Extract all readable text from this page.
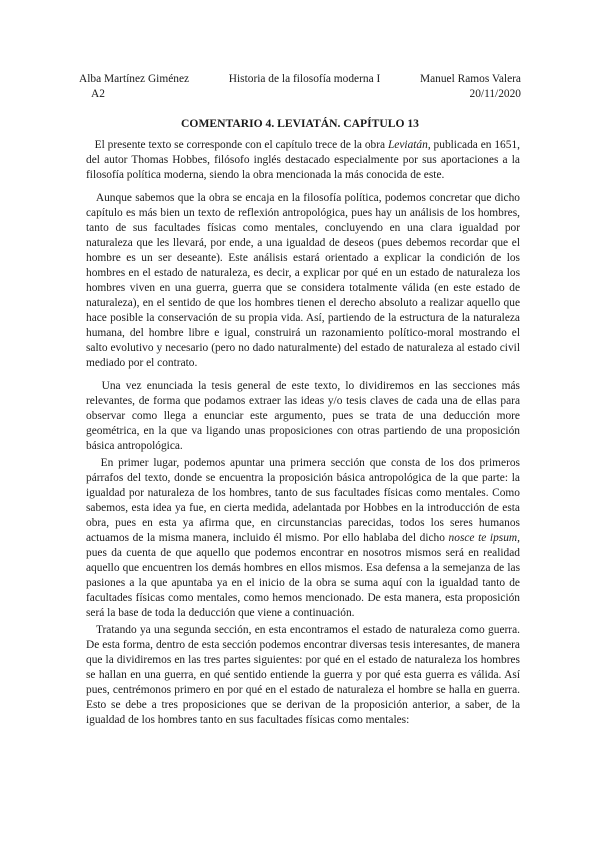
Alba Martínez Giménez	Historia de la filosofía moderna I	Manuel Ramos Valera
A2	20/11/2020
COMENTARIO 4. LEVIATÁN. CAPÍTULO 13

El presente texto se corresponde con el capítulo trece de la obra Leviatán, publicada en 1651, del autor Thomas Hobbes, filósofo inglés destacado especialmente por sus aportaciones a la filosofía política moderna, siendo la obra mencionada la más conocida de este.

Aunque sabemos que la obra se encaja en la filosofía política, podemos concretar que dicho capítulo es más bien un texto de reflexión antropológica, pues hay un análisis de los hombres, tanto de sus facultades físicas como mentales, concluyendo en una clara igualdad por naturaleza que les llevará, por ende, a una igualdad de deseos (pues debemos recordar que el hombre es un ser deseante). Este análisis estará orientado a explicar la condición de los hombres en el estado de naturaleza, es decir, a explicar por qué en un estado de naturaleza los hombres viven en una guerra, guerra que se considera totalmente válida (en este estado de naturaleza), en el sentido de que los hombres tienen el derecho absoluto a realizar aquello que hace posible la conservación de su propia vida. Así, partiendo de la estructura de la naturaleza humana, del hombre libre e igual, construirá un razonamiento político-moral mostrando el salto evolutivo y necesario (pero no dado naturalmente) del estado de naturaleza al estado civil mediado por el contrato.

Una vez enunciada la tesis general de este texto, lo dividiremos en las secciones más relevantes, de forma que podamos extraer las ideas y/o tesis claves de cada una de ellas para observar como llega a enunciar este argumento, pues se trata de una deducción more geométrica, en la que va ligando unas proposiciones con otras partiendo de una proposición básica antropológica.

En primer lugar, podemos apuntar una primera sección que consta de los dos primeros párrafos del texto, donde se encuentra la proposición básica antropológica de la que parte: la igualdad por naturaleza de los hombres, tanto de sus facultades físicas como mentales. Como sabemos, esta idea ya fue, en cierta medida, adelantada por Hobbes en la introducción de esta obra, pues en esta ya afirma que, en circunstancias parecidas, todos los seres humanos actuamos de la misma manera, incluido él mismo. Por ello hablaba del dicho nosce te ipsum, pues da cuenta de que aquello que podemos encontrar en nosotros mismos será en realidad aquello que encuentren los demás hombres en ellos mismos. Esa defensa a la semejanza de las pasiones a la que apuntaba ya en el inicio de la obra se suma aquí con la igualdad tanto de facultades físicas como mentales, como hemos mencionado. De esta manera, esta proposición será la base de toda la deducción que viene a continuación.

Tratando ya una segunda sección, en esta encontramos el estado de naturaleza como guerra. De esta forma, dentro de esta sección podemos encontrar diversas tesis interesantes, de manera que la dividiremos en las tres partes siguientes: por qué en el estado de naturaleza los hombres se hallan en una guerra, en qué sentido entiende la guerra y por qué esta guerra es válida. Así pues, centrémonos primero en por qué en el estado de naturaleza el hombre se halla en guerra. Esto se debe a tres proposiciones que se derivan de la proposición anterior, a saber, de la igualdad de los hombres tanto en sus facultades físicas como mentales:
